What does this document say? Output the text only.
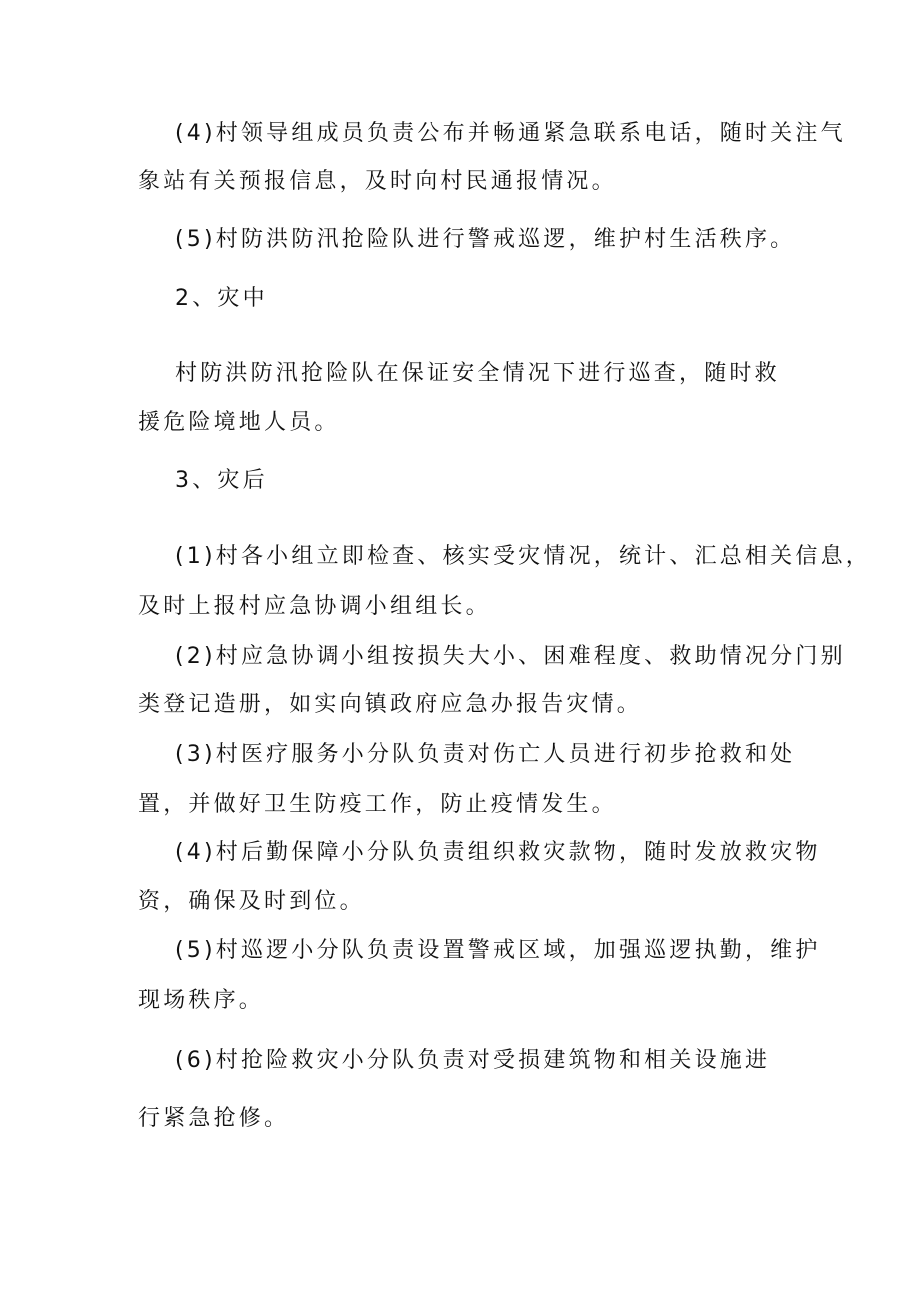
(4)村领导组成员负责公布并畅通紧急联系电话，随时关注气
象站有关预报信息，及时向村民通报情况。
(5)村防洪防汛抢险队进行警戒巡逻，维护村生活秩序。
2、灾中
村防洪防汛抢险队在保证安全情况下进行巡查，随时救
援危险境地人员。
3、灾后
(1)村各小组立即检查、核实受灾情况，统计、汇总相关信息，
及时上报村应急协调小组组长。
(2)村应急协调小组按损失大小、困难程度、救助情况分门别
类登记造册，如实向镇政府应急办报告灾情。
(3)村医疗服务小分队负责对伤亡人员进行初步抢救和处
置，并做好卫生防疫工作，防止疫情发生。
(4)村后勤保障小分队负责组织救灾款物，随时发放救灾物
资，确保及时到位。
(5)村巡逻小分队负责设置警戒区域，加强巡逻执勤，维护
现场秩序。
(6)村抢险救灾小分队负责对受损建筑物和相关设施进
行紧急抢修。
